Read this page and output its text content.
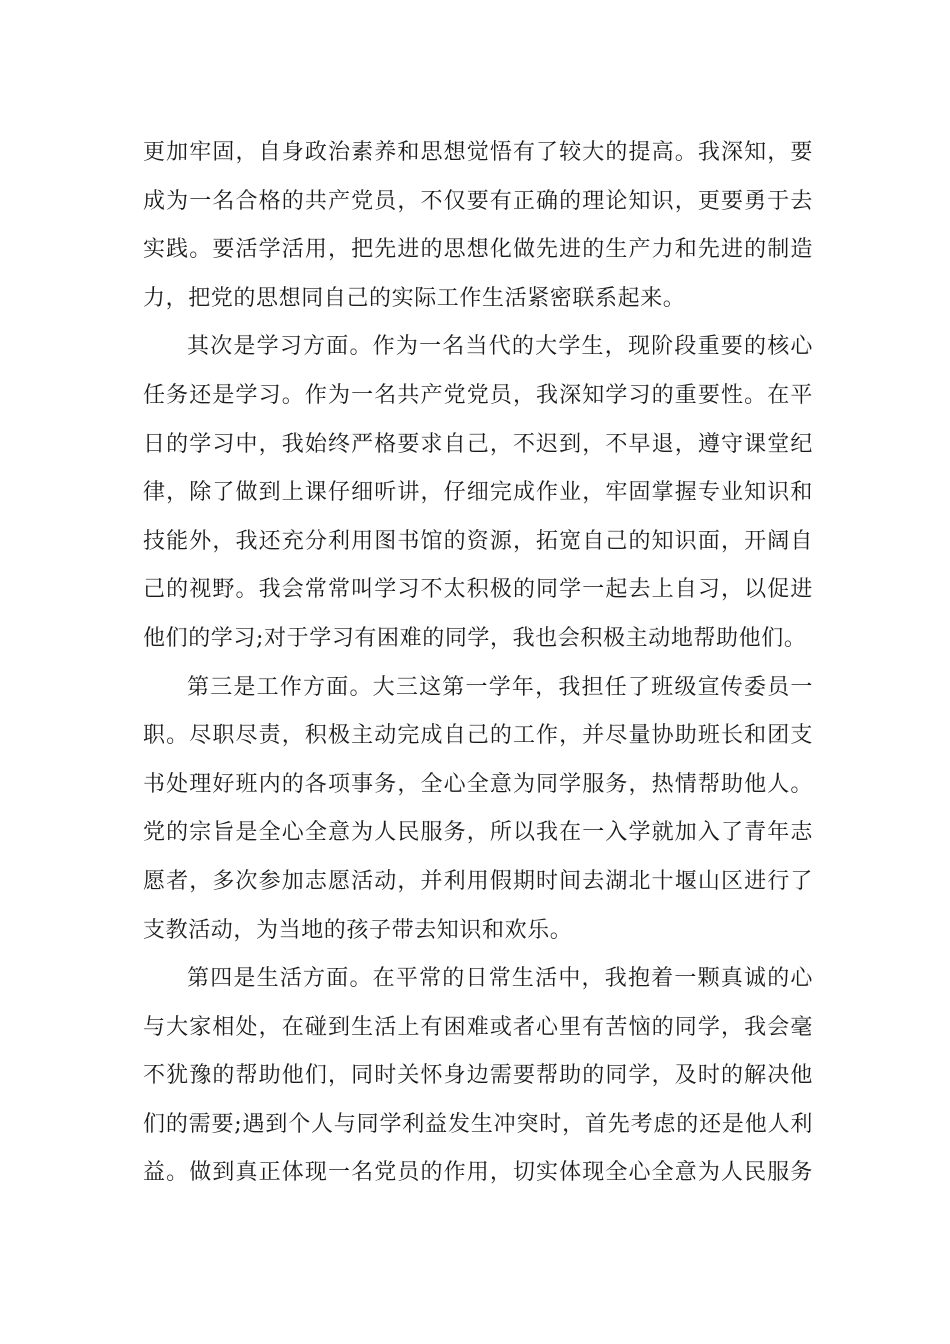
更加牢固，自身政治素养和思想觉悟有了较大的提高。我深知，要
成为一名合格的共产党员，不仅要有正确的理论知识，更要勇于去
实践。要活学活用，把先进的思想化做先进的生产力和先进的制造
力，把党的思想同自己的实际工作生活紧密联系起来。

其次是学习方面。作为一名当代的大学生，现阶段重要的核心
任务还是学习。作为一名共产党党员，我深知学习的重要性。在平
日的学习中，我始终严格要求自己，不迟到，不早退，遵守课堂纪
律，除了做到上课仔细听讲，仔细完成作业，牢固掌握专业知识和
技能外，我还充分利用图书馆的资源，拓宽自己的知识面，开阔自
己的视野。我会常常叫学习不太积极的同学一起去上自习，以促进
他们的学习;对于学习有困难的同学，我也会积极主动地帮助他们。

第三是工作方面。大三这第一学年，我担任了班级宣传委员一
职。尽职尽责，积极主动完成自己的工作，并尽量协助班长和团支
书处理好班内的各项事务，全心全意为同学服务，热情帮助他人。
党的宗旨是全心全意为人民服务，所以我在一入学就加入了青年志
愿者，多次参加志愿活动，并利用假期时间去湖北十堰山区进行了
支教活动，为当地的孩子带去知识和欢乐。

第四是生活方面。在平常的日常生活中，我抱着一颗真诚的心
与大家相处，在碰到生活上有困难或者心里有苦恼的同学，我会毫
不犹豫的帮助他们，同时关怀身边需要帮助的同学，及时的解决他
们的需要;遇到个人与同学利益发生冲突时，首先考虑的还是他人利
益。做到真正体现一名党员的作用，切实体现全心全意为人民服务
